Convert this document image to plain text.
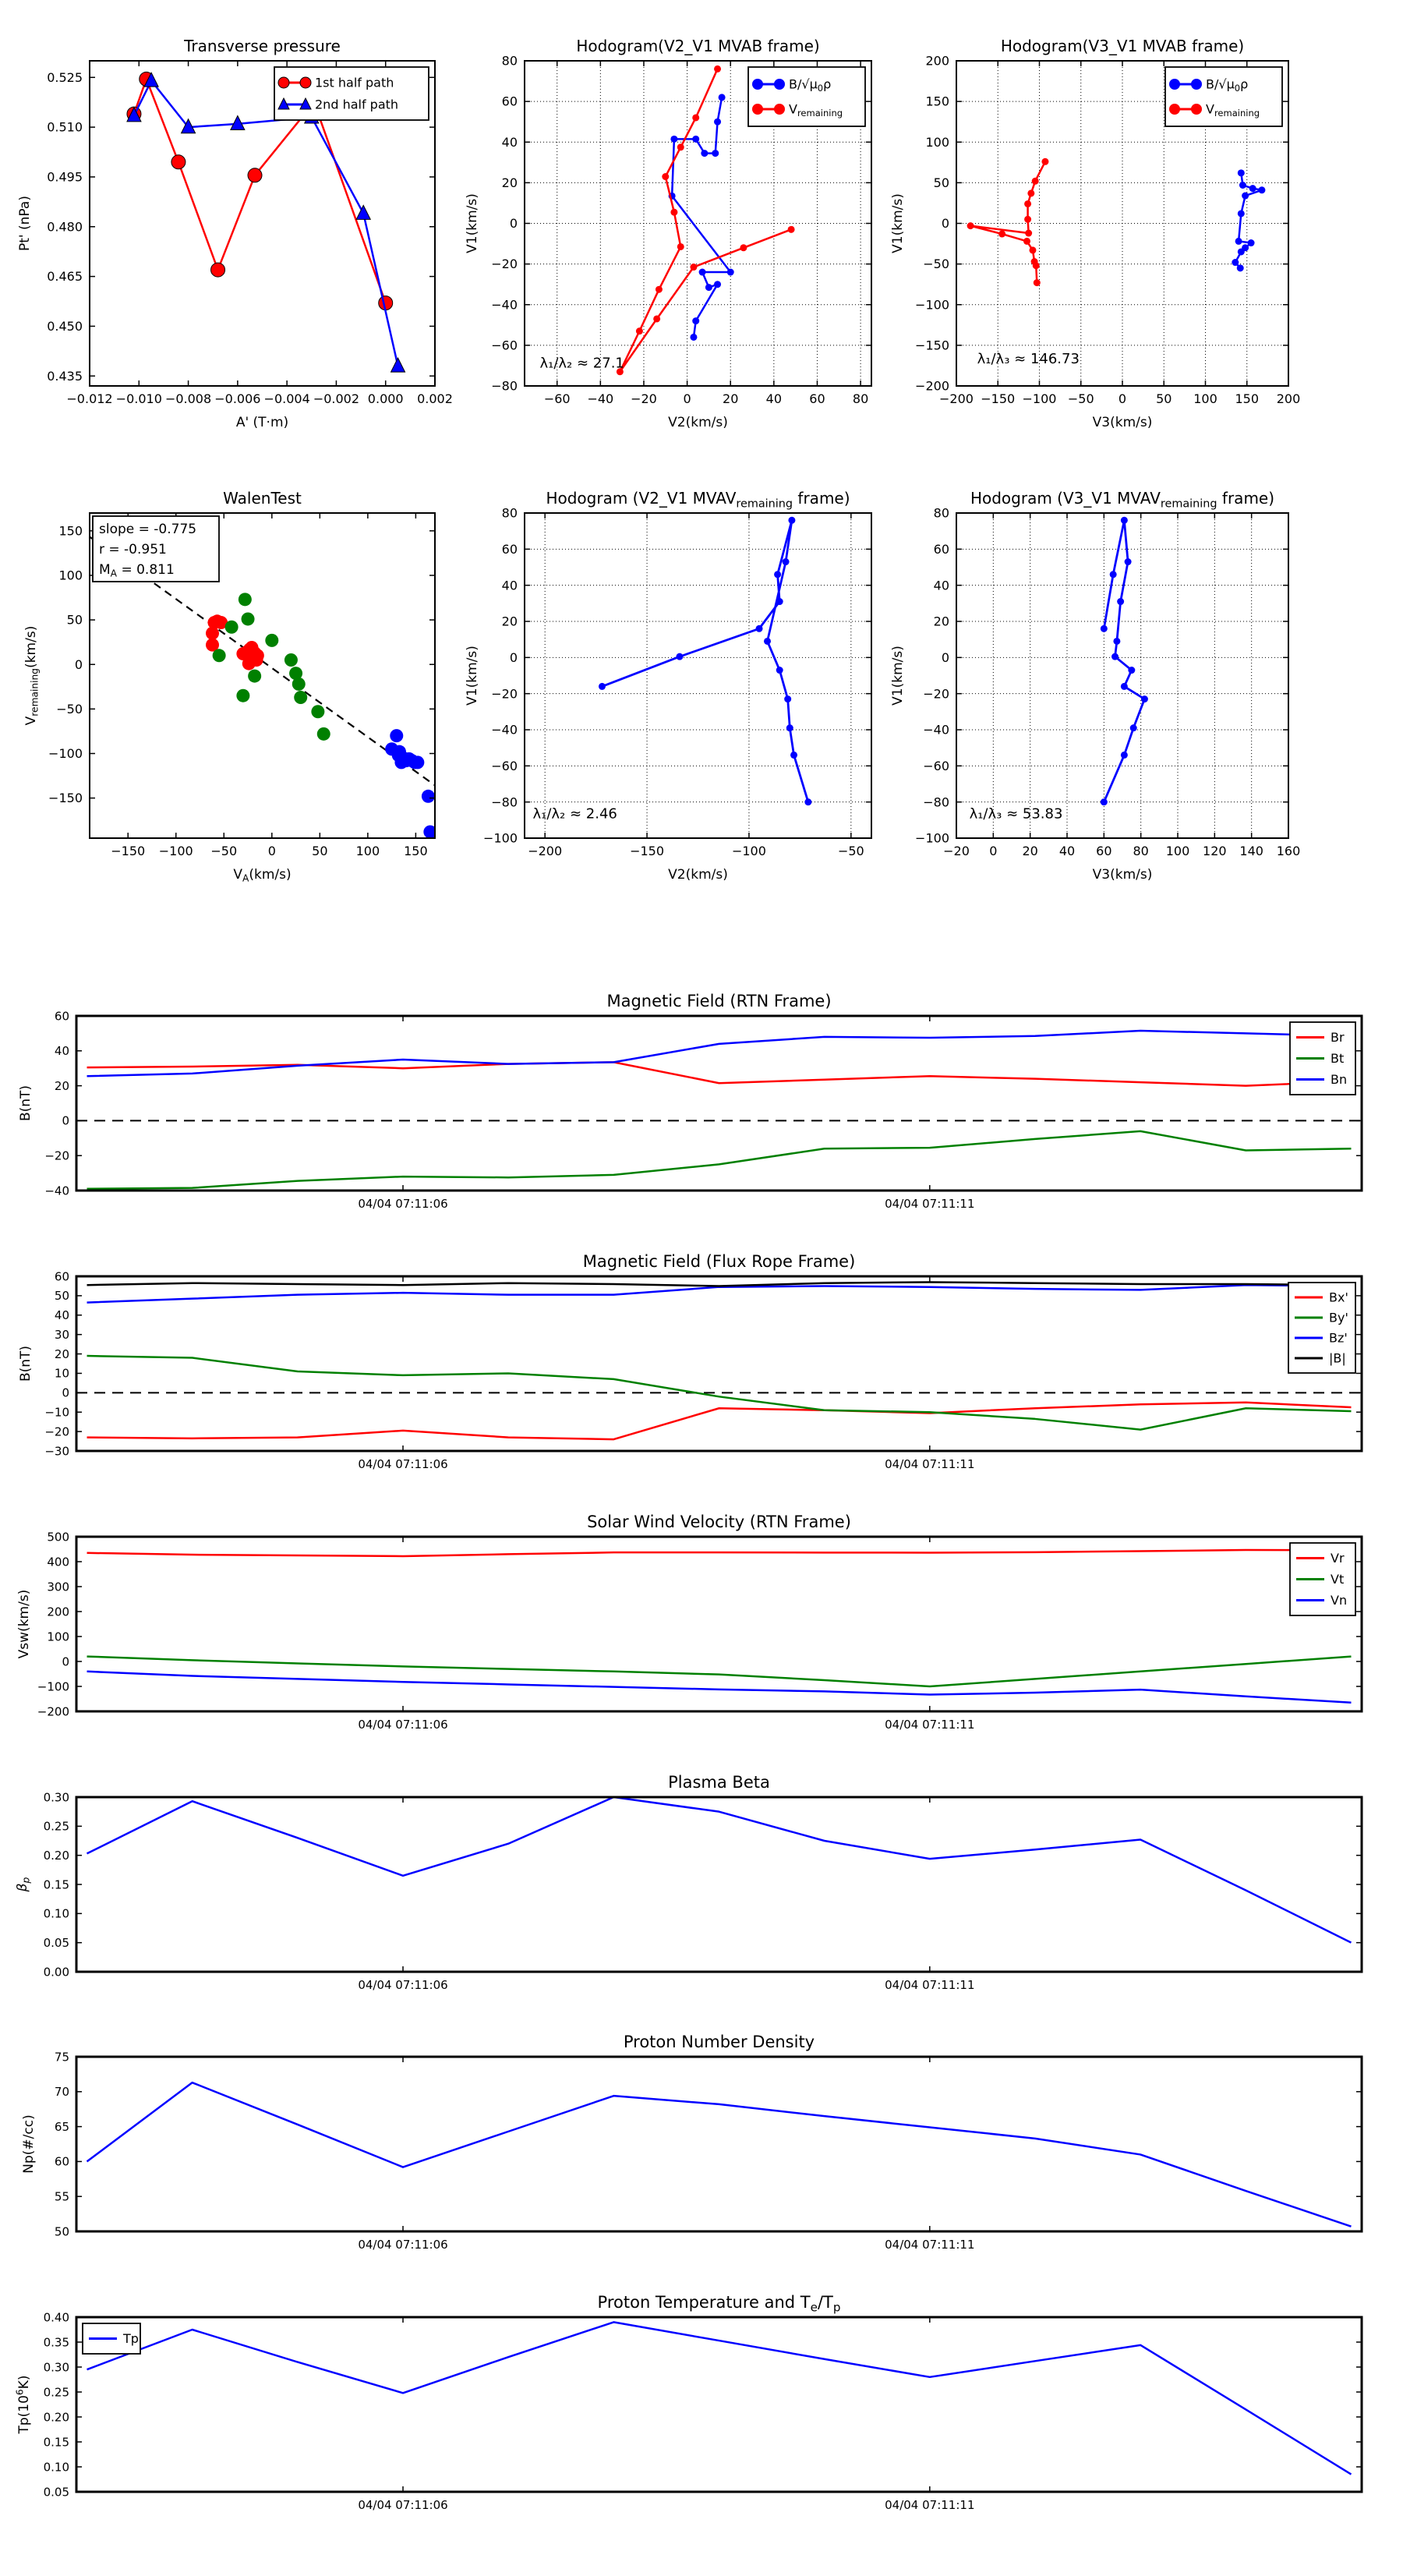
−0.012 −0.010 −0.008 −0.006 −0.004 −0.002 0.000 0.002
0.435
0.450
0.465
0.480
0.495
0.510
0.525
A' (T·m)
Pt' (nPa)
Transverse pressure
1st half path
2nd half path
−60 −40 −20 0	20 40 60 80
−80
−60
−40
−20
0
20
40
60
80
V2(km/s)
V1(km/s)
Hodogram(V2_V1 MVAB frame)
$B/√\mu_0\rho$
$V_{remaining}$
λ₁/λ₂ ≈ 27.1
−200 −150 −100 −50 0 50 100 150 200
−200
−150
−100
−50
0
50
100
150
200
V3(km/s)
V1(km/s)
Hodogram(V3_V1 MVAB frame)
$B/√\mu_0\rho$
$V_{remaining}$
λ₁/λ₃ ≈ 146.73
−150 −100 −50 0	50 100 150
−150
−100
−50
0
50
100
150
$V_A(km/s)$
$V_{remaining}(km/s)$
WalenTest
slope = -0.775
r = -0.951
$M_A = 0.811$
−200	−150	−100	−50
−100
−80
−60
−40
−20
0
20
40
60
80
V2(km/s)
V1(km/s)
Hodogram (V2_V1 $MVAV_{remaining}$ frame)
λ₁/λ₂ ≈ 2.46
−20 0 20 40 60 80 100 120 140 160
−100
−80
−60
−40
−20
0
20
40
60
80
V3(km/s)
V1(km/s)
Hodogram (V3_V1 $MVAV_{remaining}$ frame)
λ₁/λ₃ ≈ 53.83
04/04 07:11:06	04/04 07:11:11
−40
−20
0
20
40
60
B(nT)
Magnetic Field (RTN Frame)
Br
Bt
Bn
04/04 07:11:06	04/04 07:11:11
−30
−20
−10
0
10
20
30
40
50
60
B(nT)
Magnetic Field (Flux Rope Frame)
Bx'
By'
Bz'
|B|
04/04 07:11:06	04/04 07:11:11
−200
−100
0
100
200
300
400
500
Vsw(km/s)
Solar Wind Velocity (RTN Frame)
Vr
Vt
Vn
04/04 07:11:06	04/04 07:11:11
0.00
0.05
0.10
0.15
0.20
0.25
0.30
$\beta_p$
Plasma Beta
04/04 07:11:06	04/04 07:11:11
50
55
60
65
70
75
Np(#/cc)
Proton Number Density
04/04 07:11:06	04/04 07:11:11
0.05
0.10
0.15
0.20
0.25
0.30
0.35
0.40
$Tp(10^6K)$
Proton Temperature and $T_e/T_p$
Tp
